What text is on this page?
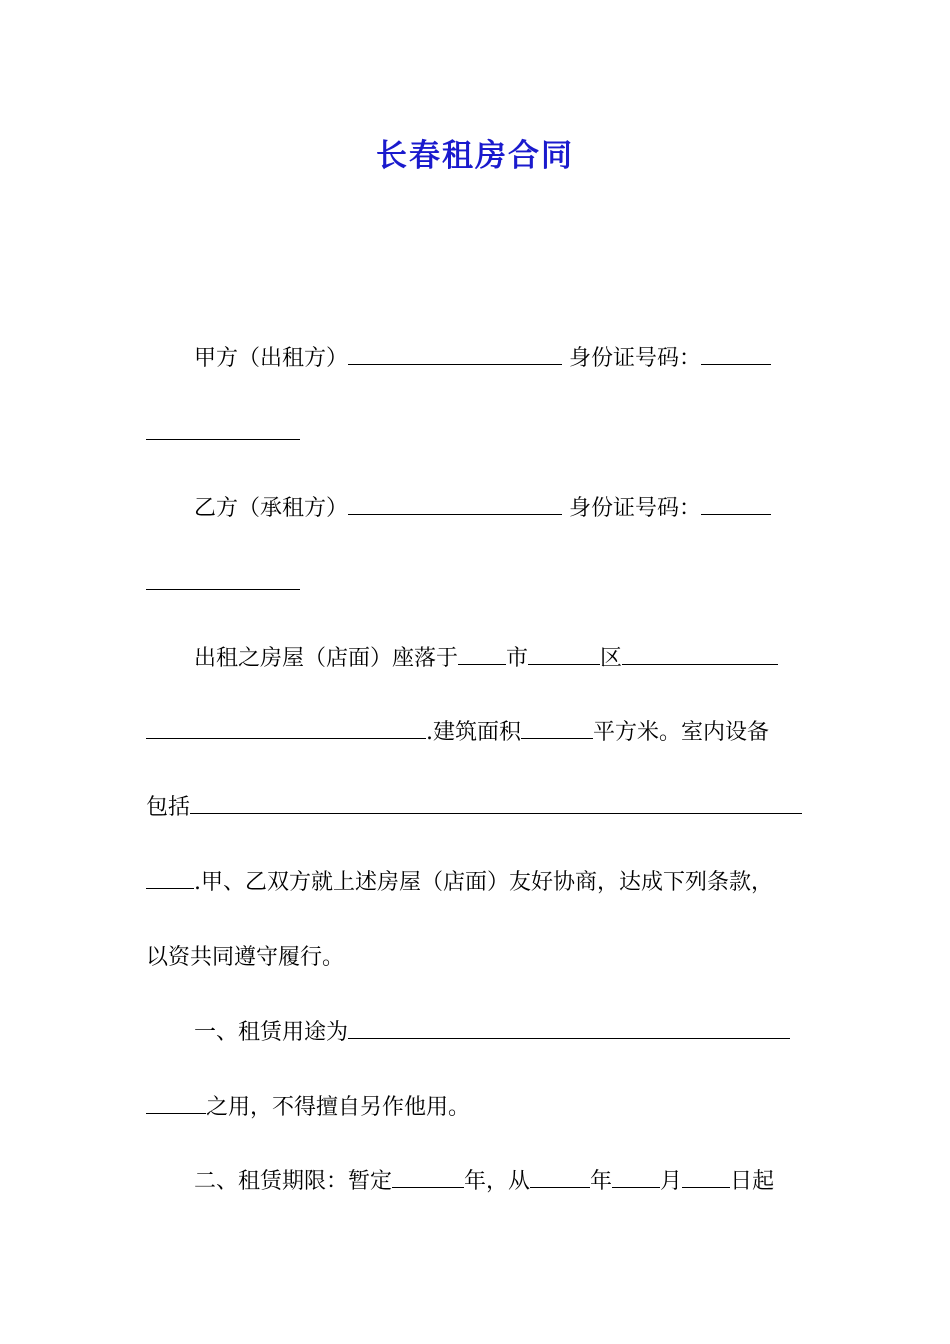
长春租房合同
甲方（出租方）	身份证号码：
乙方（承租方）	身份证号码：
出租之房屋（店面）座落于 市	区
.建筑面积	平方米。室内设备
包括
.甲、乙双方就上述房屋（店面）友好协商，达成下列条款，
以资共同遵守履行。
一、租赁用途为
之用，不得擅自另作他用。
二、租赁期限：暂定	年，从	年 月 日起
